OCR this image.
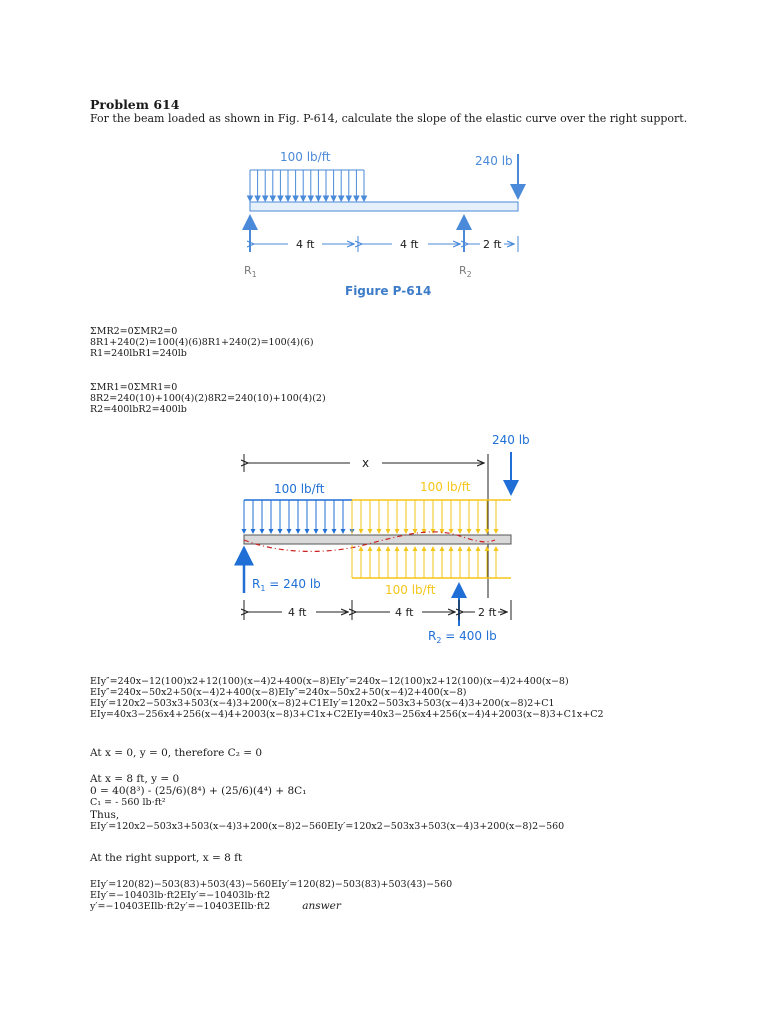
Problem 614
For the beam loaded as shown in Fig. P-614, calculate the slope of the elastic curve over the right support.
100 lb/ft	240 lb
4 ft	4 ft	2 ft
$R_1$	$R_2$
Figure P-614
ΣMR2=0ΣMR2=0
8R1+240(2)=100(4)(6)8R1+240(2)=100(4)(6)
R1=240lbR1=240lb
ΣMR1=0ΣMR1=0
8R2=240(10)+100(4)(2)8R2=240(10)+100(4)(2)
R2=400lbR2=400lb
240 lb
x
100 lb/ft	100 lb/ft
$R_1 = 240$ lb	100 lb/ft
4 ft	4 ft	2 ft
$R_2 = 400$ lb
EIy″=240x−12(100)x2+12(100)(x−4)2+400(x−8)EIy″=240x−12(100)x2+12(100)(x−4)2+400(x−8)
EIy″=240x−50x2+50(x−4)2+400(x−8)EIy″=240x−50x2+50(x−4)2+400(x−8)
EIy′=120x2−503x3+503(x−4)3+200(x−8)2+C1EIy′=120x2−503x3+503(x−4)3+200(x−8)2+C1
EIy=40x3−256x4+256(x−4)4+2003(x−8)3+C1x+C2EIy=40x3−256x4+256(x−4)4+2003(x−8)3+C1x+C2
At x = 0, y = 0, therefore C₂ = 0
At x = 8 ft, y = 0
0 = 40(8³) - (25/6)(8⁴) + (25/6)(4⁴) + 8C₁
C₁ = - 560 lb·ft²
Thus,
EIy′=120x2−503x3+503(x−4)3+200(x−8)2−560EIy′=120x2−503x3+503(x−4)3+200(x−8)2−560
At the right support, x = 8 ft
EIy′=120(82)−503(83)+503(43)−560EIy′=120(82)−503(83)+503(43)−560
EIy′=−10403lb⋅ft2EIy′=−10403lb⋅ft2
y′=−10403EIlb⋅ft2y′=−10403EIlb⋅ft2	answer
